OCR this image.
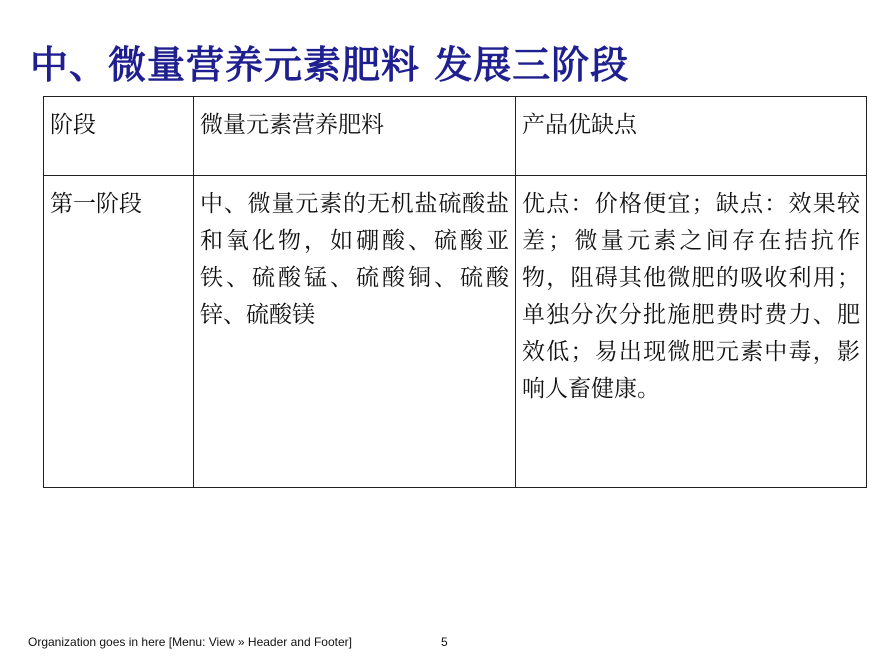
中、微量营养元素肥料 发展三阶段
阶段	微量元素营养肥料	产品优缺点
第一阶段	中、微量元素的无机盐硫酸盐和氧化物，如硼酸、硫酸亚铁、硫酸锰、硫酸铜、硫酸锌、硫酸镁	优点：价格便宜；缺点：效果较差；微量元素之间存在拮抗作物，阻碍其他微肥的吸收利用；单独分次分批施肥费时费力、肥效低；易出现微肥元素中毒，影响人畜健康。
Organization goes in here [Menu: View » Header and Footer]	5
